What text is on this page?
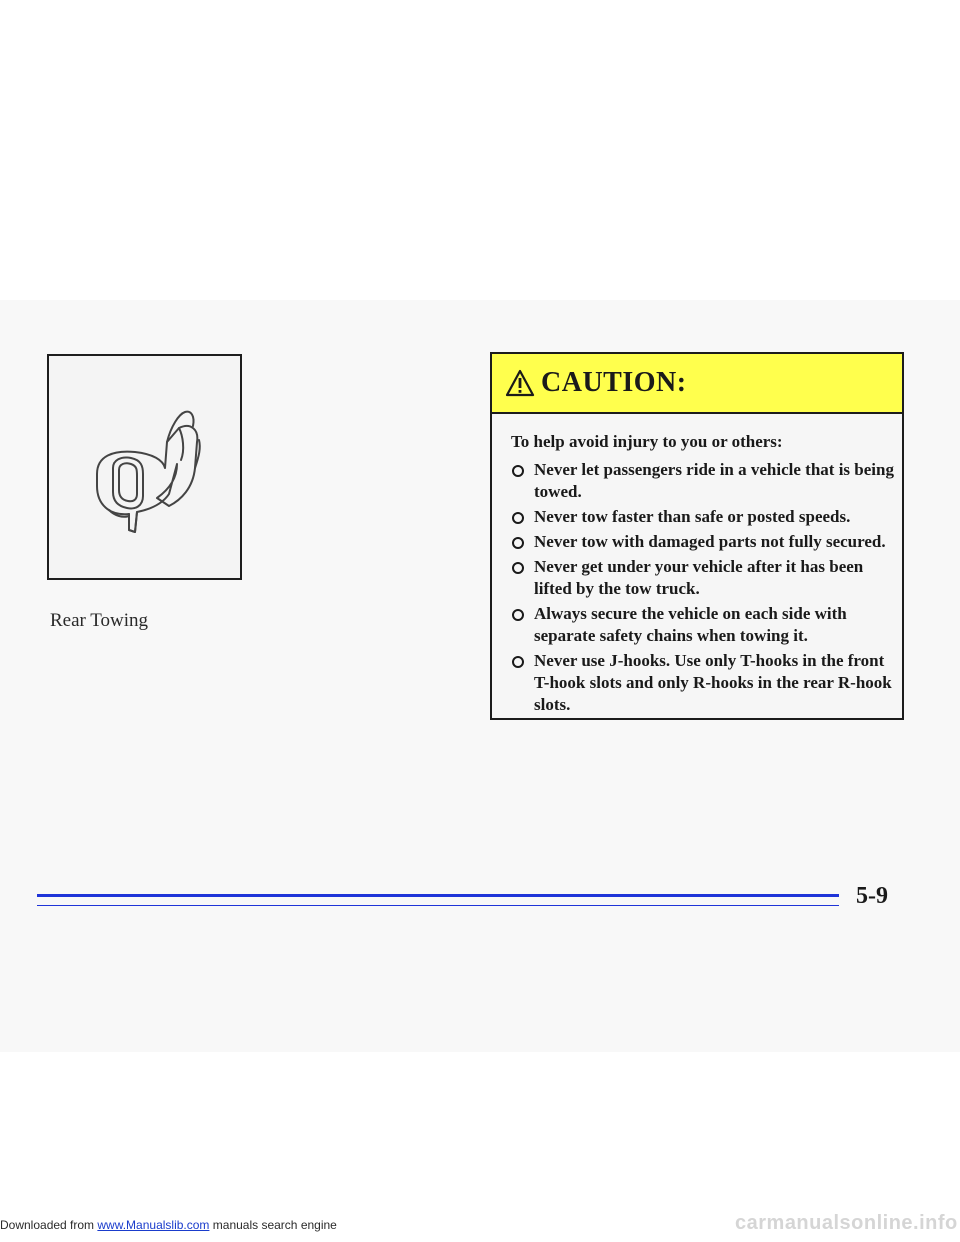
Rear Towing
CAUTION:
To help avoid injury to you or others:
Never let passengers ride in a vehicle that is being towed.
Never tow faster than safe or posted speeds.
Never tow with damaged parts not fully secured.
Never get under your vehicle after it has been lifted by the tow truck.
Always secure the vehicle on each side with separate safety chains when towing it.
Never use J-hooks. Use only T-hooks in the front T-hook slots and only R-hooks in the rear R-hook slots.
5-9
Downloaded from www.Manualslib.com manuals search engine	carmanualsonline.info
